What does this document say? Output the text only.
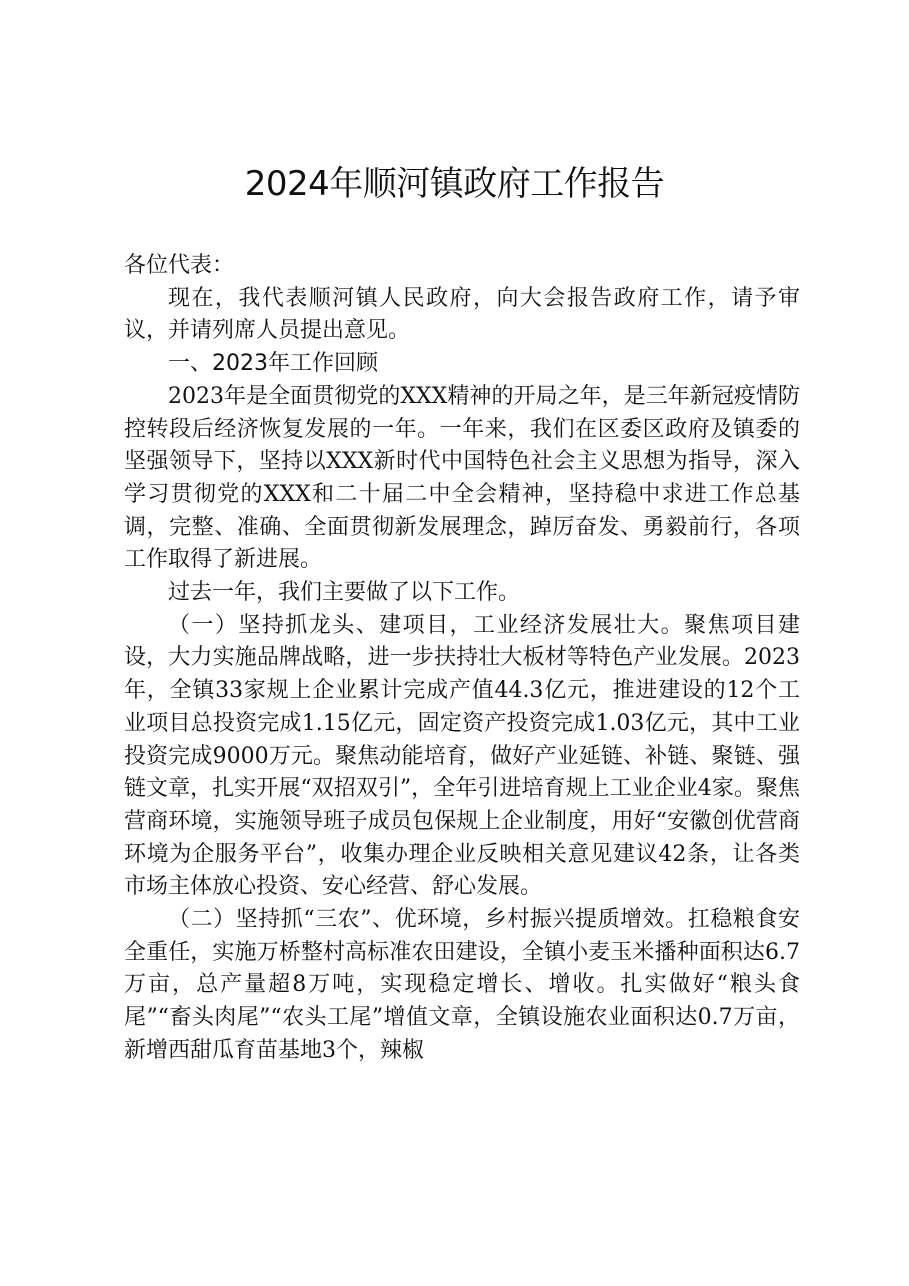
2024年顺河镇政府工作报告

各位代表：

现在，我代表顺河镇人民政府，向大会报告政府工作，请予审议，并请列席人员提出意见。

一、2023年工作回顾

2023年是全面贯彻党的XXX精神的开局之年，是三年新冠疫情防控转段后经济恢复发展的一年。一年来，我们在区委区政府及镇委的坚强领导下，坚持以XXX新时代中国特色社会主义思想为指导，深入学习贯彻党的XXX和二十届二中全会精神，坚持稳中求进工作总基调，完整、准确、全面贯彻新发展理念，踔厉奋发、勇毅前行，各项工作取得了新进展。

过去一年，我们主要做了以下工作。

（一）坚持抓龙头、建项目，工业经济发展壮大。聚焦项目建设，大力实施品牌战略，进一步扶持壮大板材等特色产业发展。2023年，全镇33家规上企业累计完成产值44.3亿元，推进建设的12个工业项目总投资完成1.15亿元，固定资产投资完成1.03亿元，其中工业投资完成9000万元。聚焦动能培育，做好产业延链、补链、聚链、强链文章，扎实开展“双招双引”，全年引进培育规上工业企业4家。聚焦营商环境，实施领导班子成员包保规上企业制度，用好“安徽创优营商环境为企服务平台”，收集办理企业反映相关意见建议42条，让各类市场主体放心投资、安心经营、舒心发展。

（二）坚持抓“三农”、优环境，乡村振兴提质增效。扛稳粮食安全重任，实施万桥整村高标准农田建设，全镇小麦玉米播种面积达6.7万亩，总产量超8万吨，实现稳定增长、增收。扎实做好“粮头食尾”“畜头肉尾”“农头工尾”增值文章，全镇设施农业面积达0.7万亩，新增西甜瓜育苗基地3个，辣椒
